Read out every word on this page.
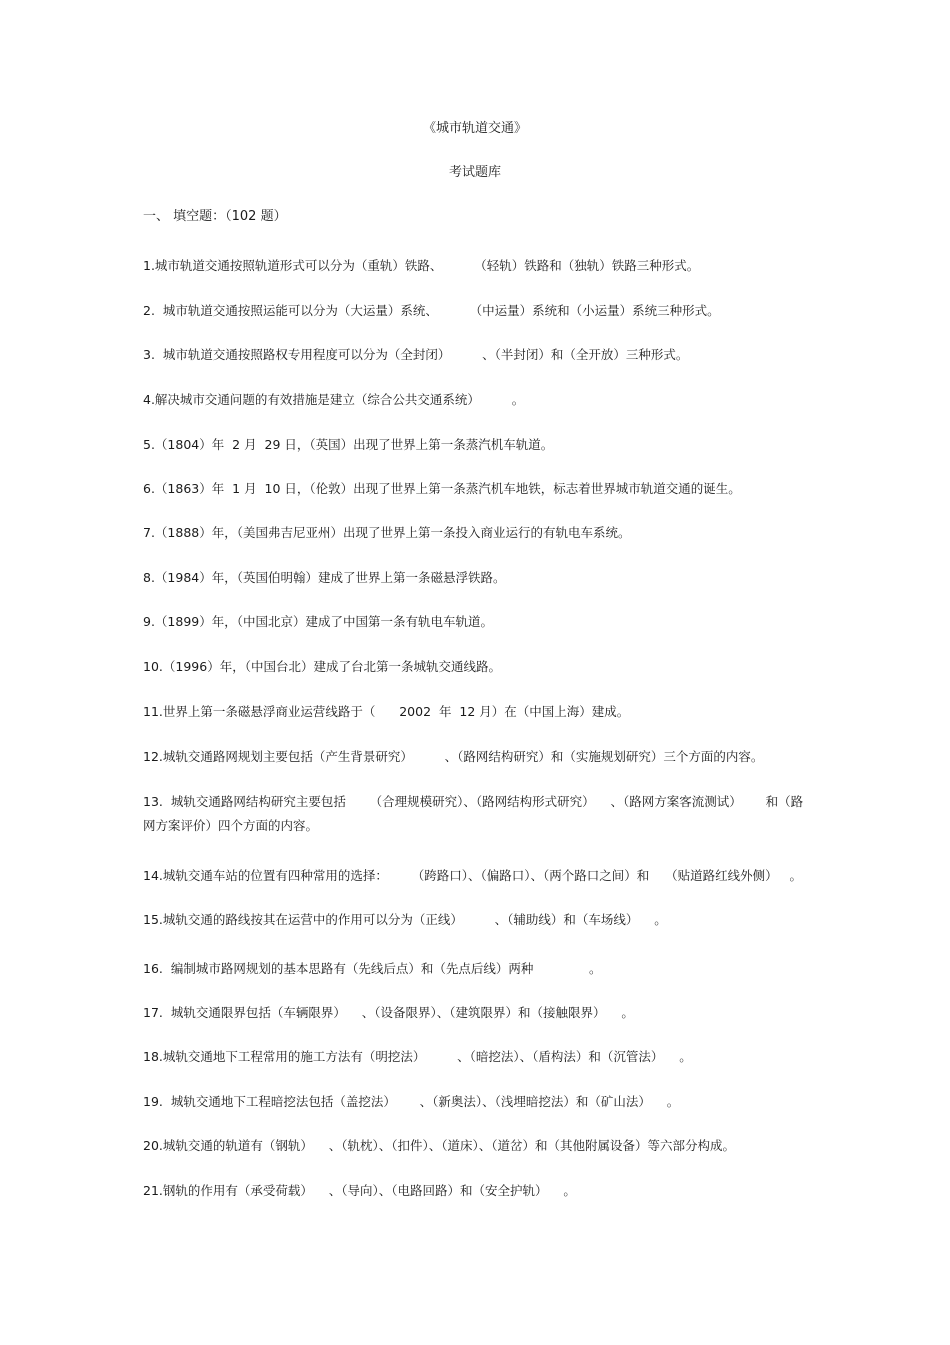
《城市轨道交通》
考试题库
一、 填空题：（102 题）
1.城市轨道交通按照轨道形式可以分为（重轨）铁路、        （轻轨）铁路和（独轨）铁路三种形式。
2.  城市轨道交通按照运能可以分为（大运量）系统、        （中运量）系统和（小运量）系统三种形式。
3.  城市轨道交通按照路权专用程度可以分为（全封闭）        、（半封闭）和（全开放）三种形式。
4.解决城市交通问题的有效措施是建立（综合公共交通系统）        。
5.（1804）年  2 月  29 日，（英国）出现了世界上第一条蒸汽机车轨道。
6.（1863）年  1 月  10 日，（伦敦）出现了世界上第一条蒸汽机车地铁，标志着世界城市轨道交通的诞生。
7.（1888）年，（美国弗吉尼亚州）出现了世界上第一条投入商业运行的有轨电车系统。
8.（1984）年，（英国伯明翰）建成了世界上第一条磁悬浮铁路。
9.（1899）年，（中国北京）建成了中国第一条有轨电车轨道。
10.（1996）年，（中国台北）建成了台北第一条城轨交通线路。
11.世界上第一条磁悬浮商业运营线路于（      2002  年  12 月）在（中国上海）建成。
12.城轨交通路网规划主要包括（产生背景研究）        、（路网结构研究）和（实施规划研究）三个方面的内容。
13.  城轨交通路网结构研究主要包括      （合理规模研究）、（路网结构形式研究）    、（路网方案客流测试）      和（路网方案评价）四个方面的内容。
14.城轨交通车站的位置有四种常用的选择：      （跨路口）、（偏路口）、（两个路口之间）和    （贴道路红线外侧）   。
15.城轨交通的路线按其在运营中的作用可以分为（正线）        、（辅助线）和（车场线）    。
16.  编制城市路网规划的基本思路有（先线后点）和（先点后线）两种              。
17.  城轨交通限界包括（车辆限界）    、（设备限界）、（建筑限界）和（接触限界）    。
18.城轨交通地下工程常用的施工方法有（明挖法）        、（暗挖法）、（盾构法）和（沉管法）    。
19.  城轨交通地下工程暗挖法包括（盖挖法）      、（新奥法）、（浅埋暗挖法）和（矿山法）    。
20.城轨交通的轨道有（钢轨）    、（轨枕）、（扣件）、（道床）、（道岔）和（其他附属设备）等六部分构成。
21.钢轨的作用有（承受荷载）    、（导向）、（电路回路）和（安全护轨）    。
